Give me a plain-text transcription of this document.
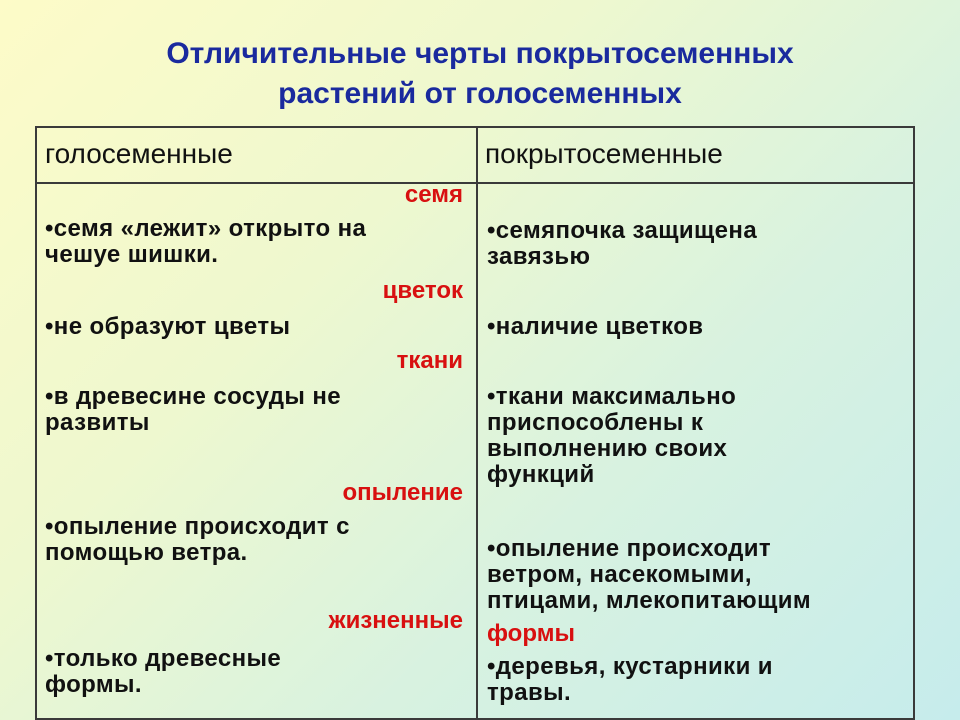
Отличительные черты покрытосеменных
растений от голосеменных
голосеменные	покрытосеменные
семя
цветок
ткани
опыление
жизненные формы
•семя «лежит» открыто на
чешуе шишки.
•не образуют цветы
•в древесине сосуды не
развиты
•опыление происходит с
помощью ветра.
•только древесные
формы.
•семяпочка защищена
завязью
•наличие цветков
•ткани максимально
приспособлены к
выполнению своих
функций
•опыление происходит
ветром, насекомыми,
птицами, млекопитающим
•деревья, кустарники и
травы.
